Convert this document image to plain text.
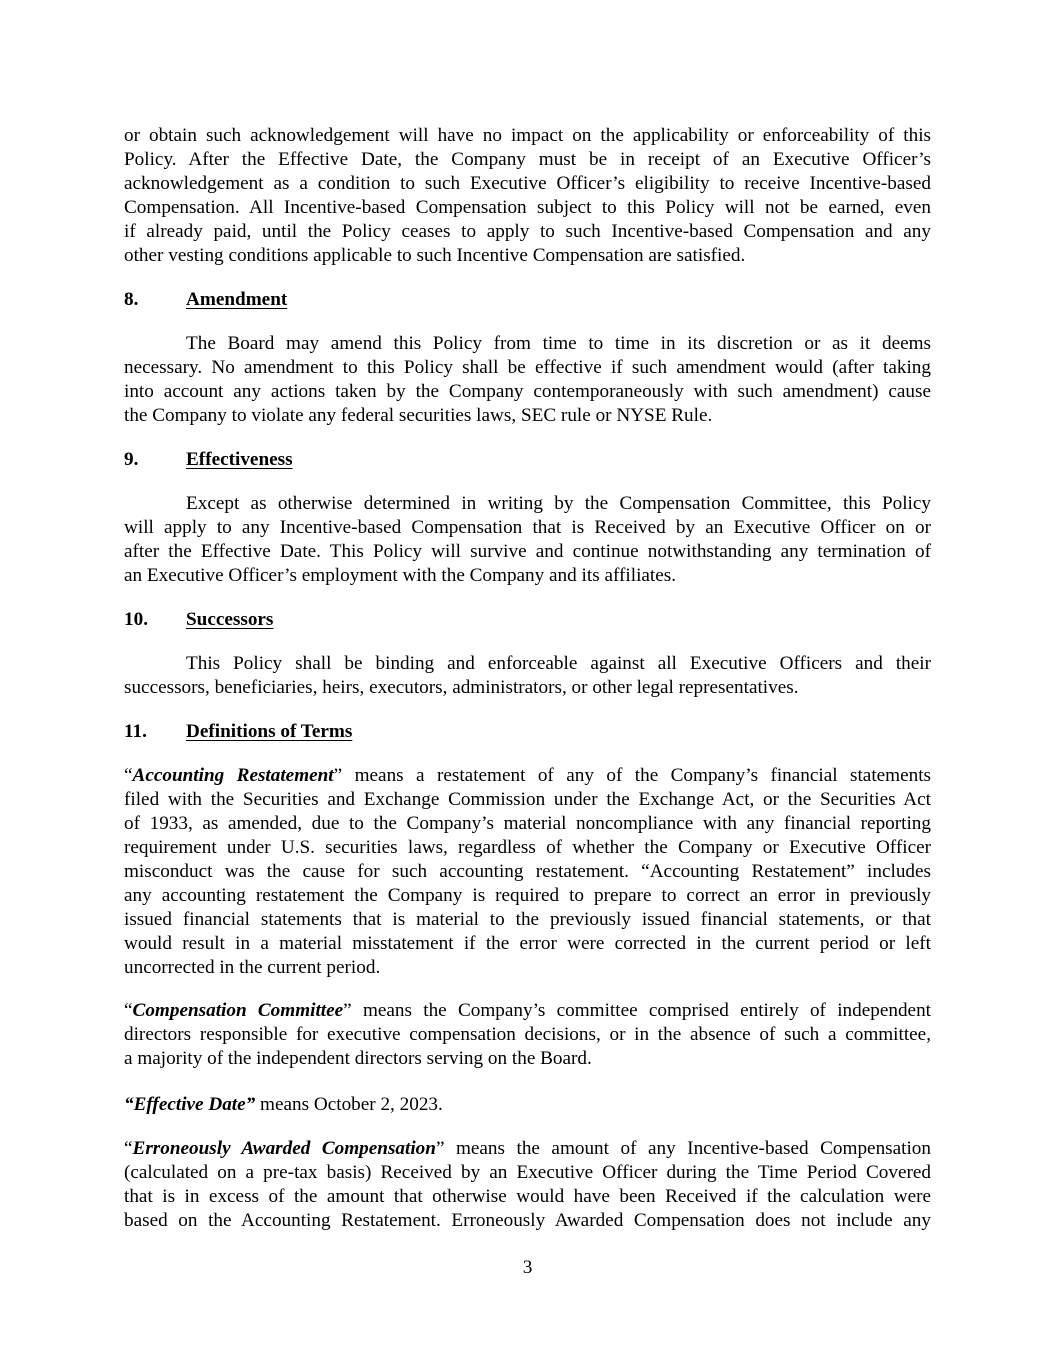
or obtain such acknowledgement will have no impact on the applicability or enforceability of this
Policy. After the Effective Date, the Company must be in receipt of an Executive Officer’s
acknowledgement as a condition to such Executive Officer’s eligibility to receive Incentive-based
Compensation. All Incentive-based Compensation subject to this Policy will not be earned, even
if already paid, until the Policy ceases to apply to such Incentive-based Compensation and any
other vesting conditions applicable to such Incentive Compensation are satisfied.
8. Amendment
The Board may amend this Policy from time to time in its discretion or as it deems
necessary. No amendment to this Policy shall be effective if such amendment would (after taking
into account any actions taken by the Company contemporaneously with such amendment) cause
the Company to violate any federal securities laws, SEC rule or NYSE Rule.
9. Effectiveness
Except as otherwise determined in writing by the Compensation Committee, this Policy
will apply to any Incentive-based Compensation that is Received by an Executive Officer on or
after the Effective Date. This Policy will survive and continue notwithstanding any termination of
an Executive Officer’s employment with the Company and its affiliates.
10. Successors
This Policy shall be binding and enforceable against all Executive Officers and their
successors, beneficiaries, heirs, executors, administrators, or other legal representatives.
11. Definitions of Terms
“Accounting Restatement” means a restatement of any of the Company’s financial statements
filed with the Securities and Exchange Commission under the Exchange Act, or the Securities Act
of 1933, as amended, due to the Company’s material noncompliance with any financial reporting
requirement under U.S. securities laws, regardless of whether the Company or Executive Officer
misconduct was the cause for such accounting restatement. “Accounting Restatement” includes
any accounting restatement the Company is required to prepare to correct an error in previously
issued financial statements that is material to the previously issued financial statements, or that
would result in a material misstatement if the error were corrected in the current period or left
uncorrected in the current period.
“Compensation Committee” means the Company’s committee comprised entirely of independent
directors responsible for executive compensation decisions, or in the absence of such a committee,
a majority of the independent directors serving on the Board.
“Effective Date” means October 2, 2023.
“Erroneously Awarded Compensation” means the amount of any Incentive-based Compensation
(calculated on a pre-tax basis) Received by an Executive Officer during the Time Period Covered
that is in excess of the amount that otherwise would have been Received if the calculation were
based on the Accounting Restatement. Erroneously Awarded Compensation does not include any
3
